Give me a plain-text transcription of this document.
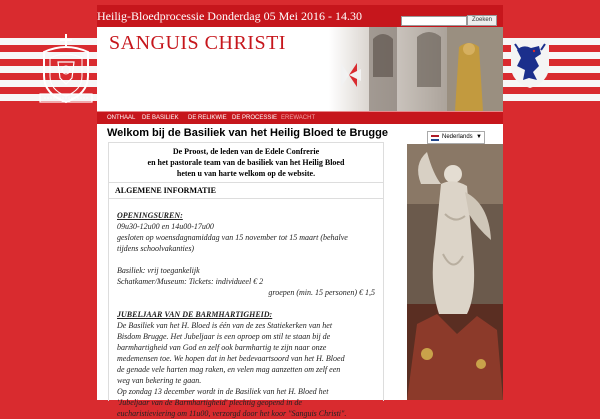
Heilig-Bloedprocessie Donderdag 05 Mei 2016 - 14.30	Zoeken
SANGUIS CHRISTI
ONTHAAL DE BASILIEK DE RELIKWIE DE PROCESSIE EREWACHT
Welkom bij de Basiliek van het Heilig Bloed te Brugge
De Proost, de leden van de Edele Confrerie
en het pastorale team van de basiliek van het Heilig Bloed
heten u van harte welkom op de website.
ALGEMENE INFORMATIE

OPENINGSUREN:

09u30-12u00 en 14u00-17u00

gesloten op woensdagnamiddag van 15 november tot 15 maart (behalve

tijdens schoolvakanties)

Basiliek: vrij toegankelijk

Schatkamer/Museum: Tickets: individueel € 2

groepen (min. 15 personen) € 1,5

JUBELJAAR VAN DE BARMHARTIGHEID:

De Basiliek van het H. Bloed is één van de zes Statiekerken van het

Bisdom Brugge. Het Jubeljaar is een oproep om stil te staan bij de

barmhartigheid van God en zelf ook barmhartig te zijn naar onze

medemensen toe. We hopen dat in het bedevaartsoord van het H. Bloed

de genade vele harten mag raken, en velen mag aanzetten om zelf een

weg van bekering te gaan.

Op zondag 13 december wordt in de Basiliek van het H. Bloed het

'Jubeljaar van de Barmhartigheid' plechtig geopend in de

eucharistieviering om 11u00, verzorgd door het koor "Sanguis Christi".

Nederlands ▼
